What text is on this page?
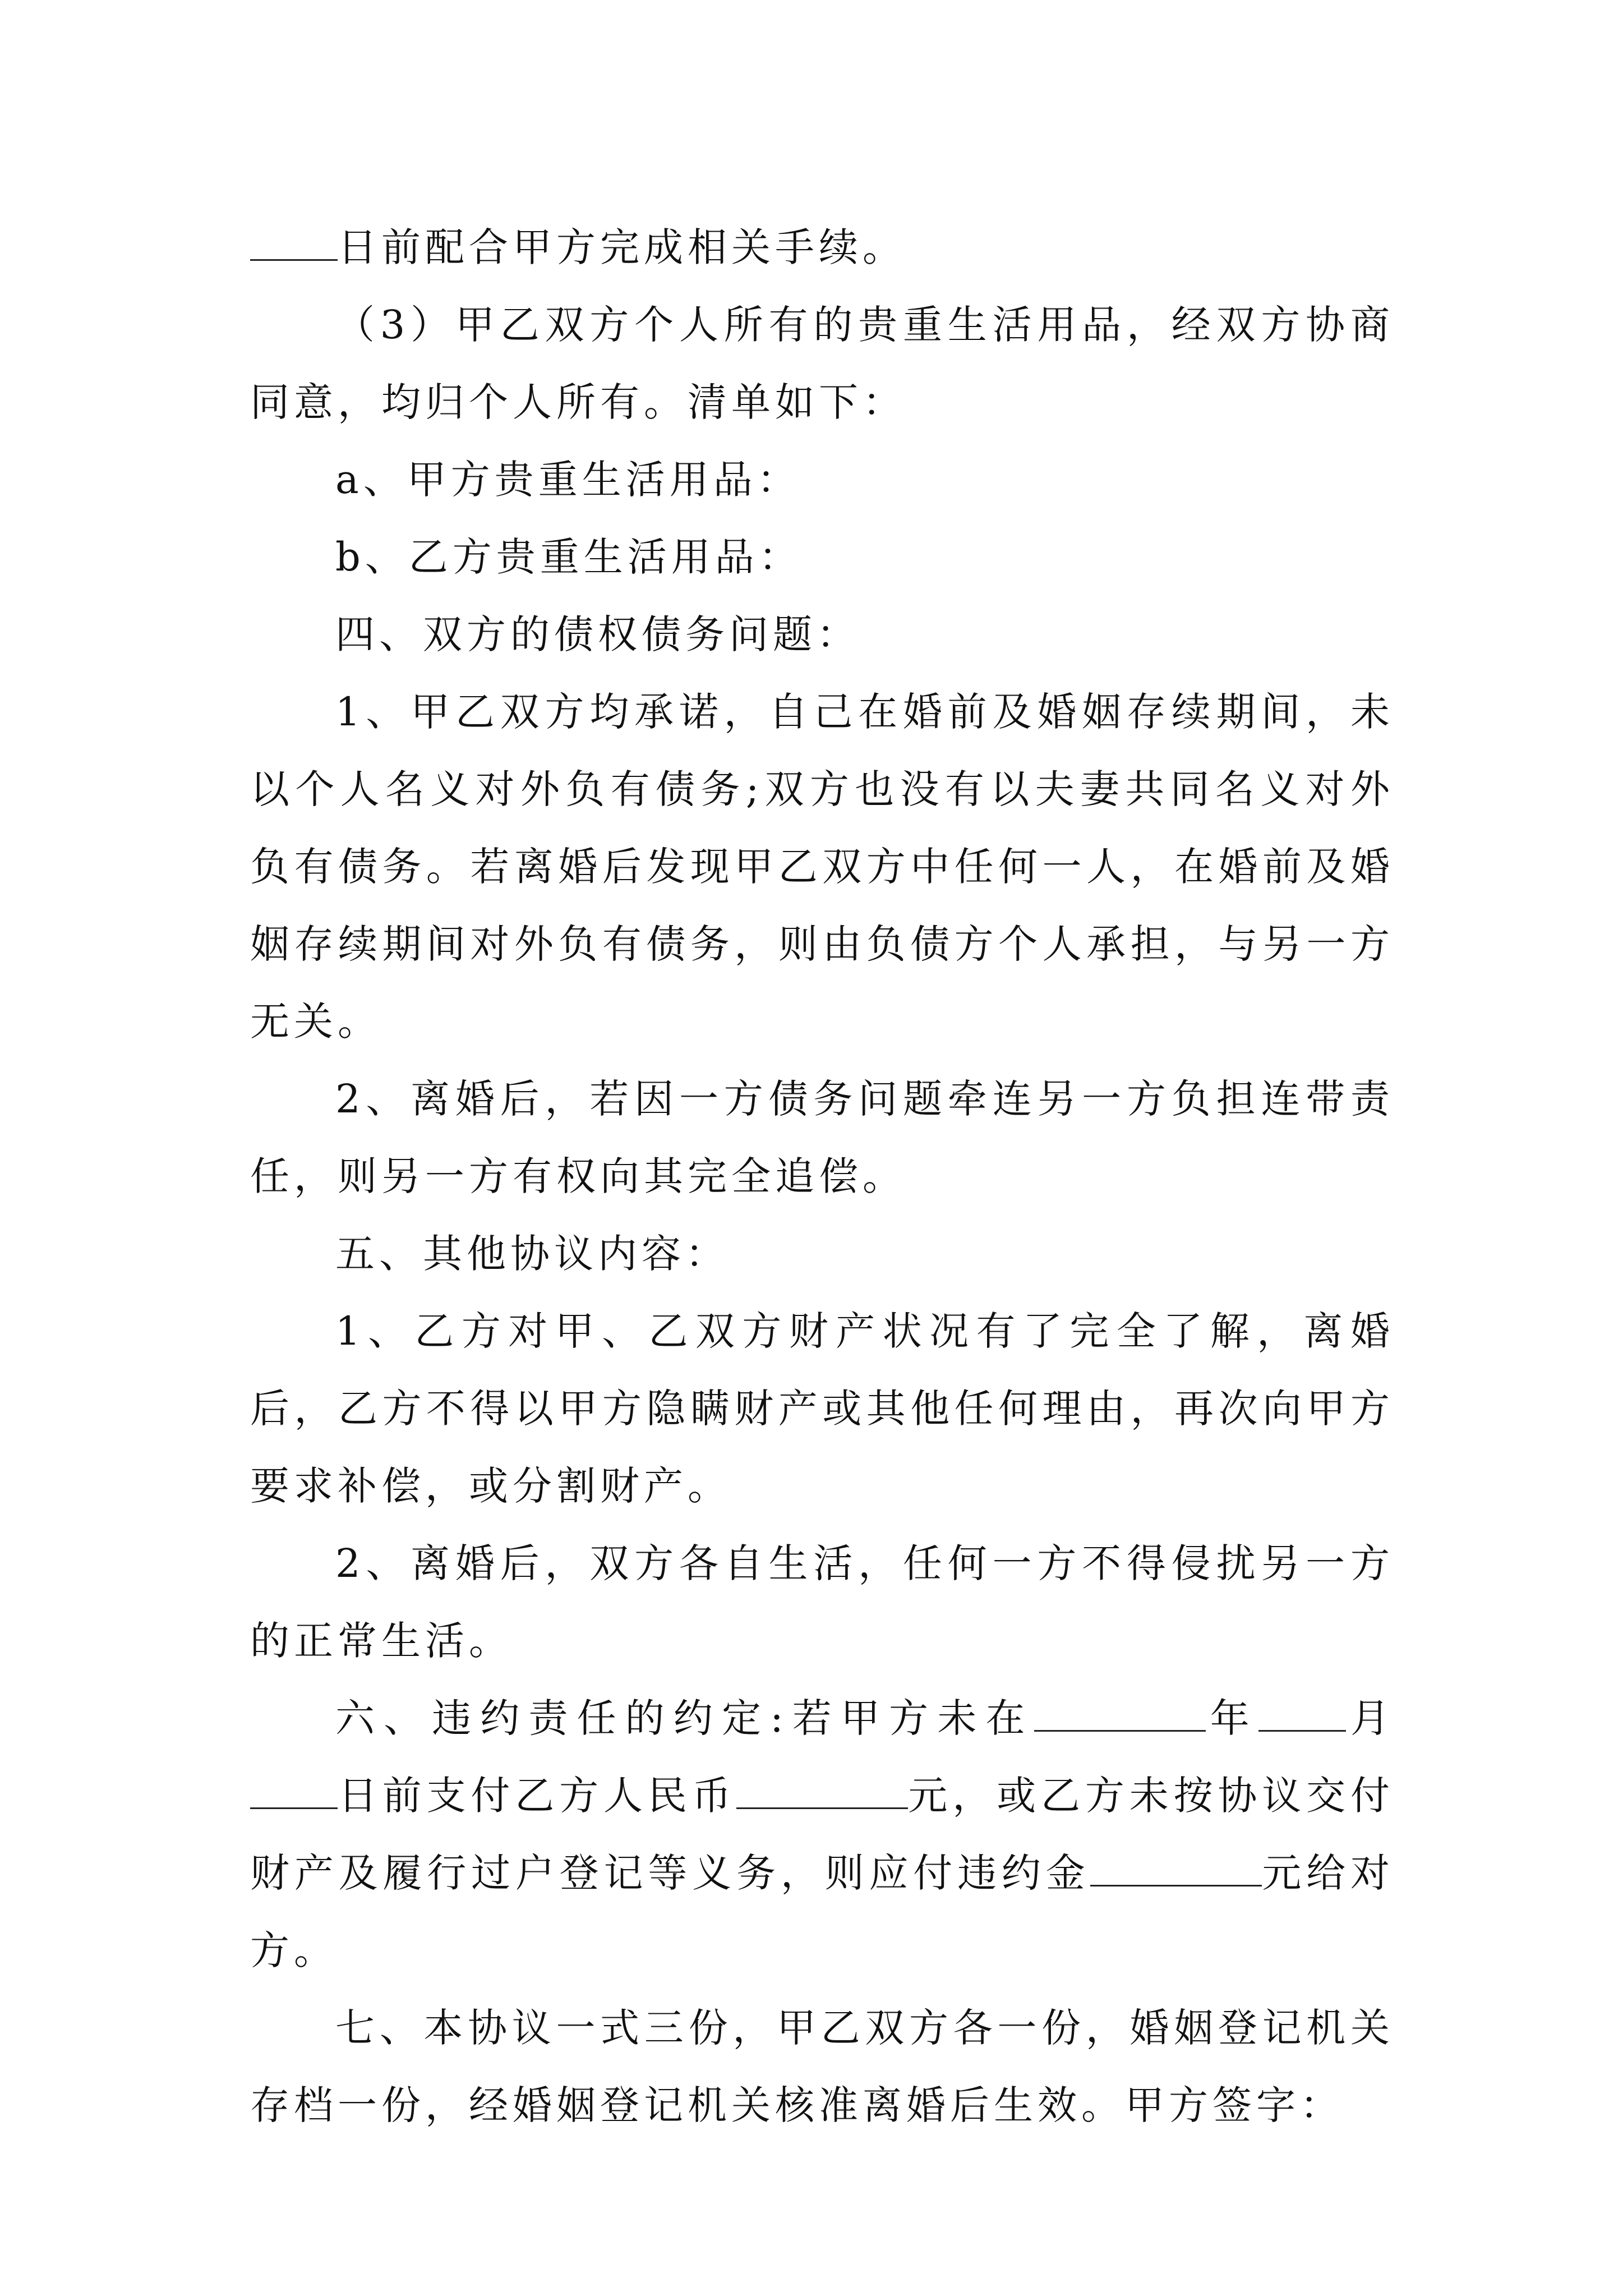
日前配合甲方完成相关手续。

（3）甲乙双方个人所有的贵重生活用品，经双方协商同意，均归个人所有。清单如下：

a、甲方贵重生活用品：

b、乙方贵重生活用品：

四、双方的债权债务问题：

1、甲乙双方均承诺，自己在婚前及婚姻存续期间，未以个人名义对外负有债务;双方也没有以夫妻共同名义对外负有债务。若离婚后发现甲乙双方中任何一人，在婚前及婚姻存续期间对外负有债务，则由负债方个人承担，与另一方无关。

2、离婚后，若因一方债务问题牵连另一方负担连带责任，则另一方有权向其完全追偿。

五、其他协议内容：

1、乙方对甲、乙双方财产状况有了完全了解，离婚后，乙方不得以甲方隐瞒财产或其他任何理由，再次向甲方要求补偿，或分割财产。

2、离婚后，双方各自生活，任何一方不得侵扰另一方的正常生活。

六、违约责任的约定:若甲方未在	年 月日前支付乙方人民币	元，或乙方未按协议交付财产及履行过户登记等义务，则应付违约金	元给对方。

七、本协议一式三份，甲乙双方各一份，婚姻登记机关存档一份，经婚姻登记机关核准离婚后生效。甲方签字：
